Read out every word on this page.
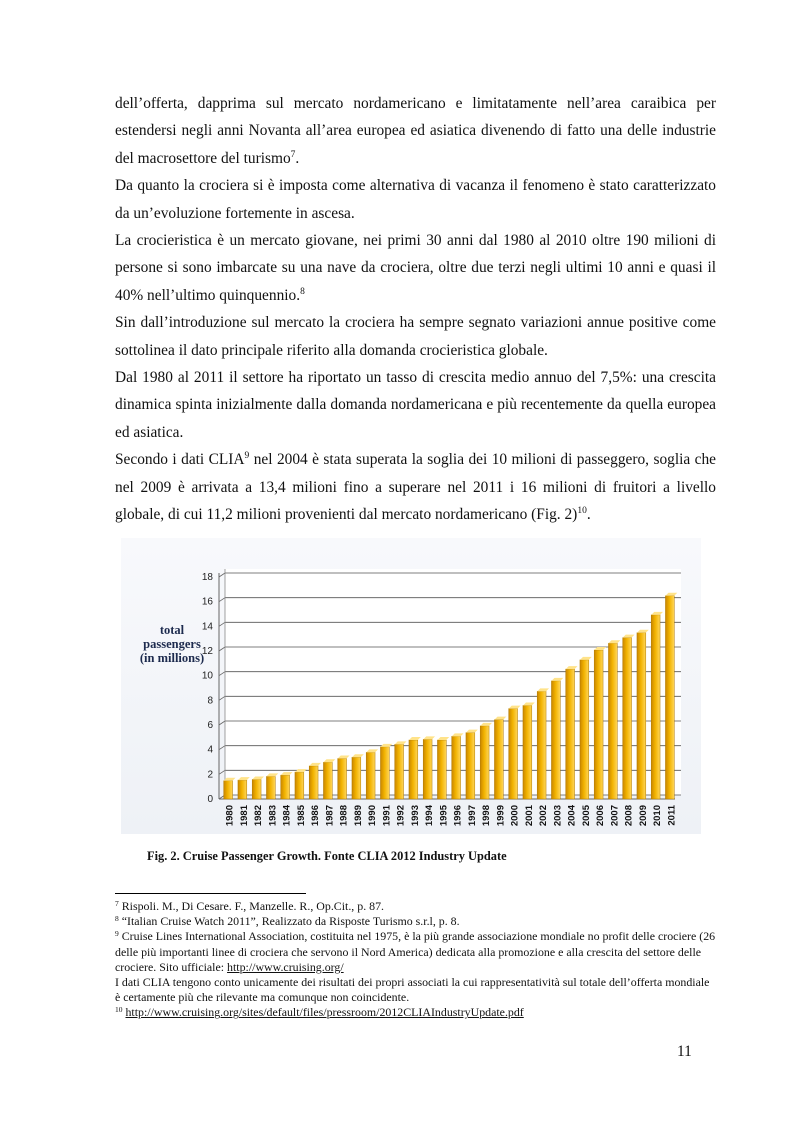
dell’offerta, dapprima sul mercato nordamericano e limitatamente nell’area caraibica per estendersi negli anni Novanta all’area europea ed asiatica divenendo di fatto una delle industrie del macrosettore del turismo$^7$.

Da quanto la crociera si è imposta come alternativa di vacanza il fenomeno è stato caratterizzato da un’evoluzione fortemente in ascesa.

La crocieristica è un mercato giovane, nei primi 30 anni dal 1980 al 2010 oltre 190 milioni di persone si sono imbarcate su una nave da crociera, oltre due terzi negli ultimi 10 anni e quasi il 40% nell’ultimo quinquennio.$^8$

Sin dall’introduzione sul mercato la crociera ha sempre segnato variazioni annue positive come sottolinea il dato principale riferito alla domanda crocieristica globale.

Dal 1980 al 2011 il settore ha riportato un tasso di crescita medio annuo del 7,5%: una crescita dinamica spinta inizialmente dalla domanda nordamericana e più recentemente da quella europea ed asiatica.

Secondo i dati CLIA$^9$ nel 2004 è stata superata la soglia dei 10 milioni di passeggero, soglia che nel 2009 è arrivata a 13,4 milioni fino a superare nel 2011 i 16 milioni di fruitori a livello globale, di cui 11,2 milioni provenienti dal mercato nordamericano (Fig. 2)$^{10}$.

total
passengers
(in millions)
0
2
4
6
8
10
12
14
16
18
1980 1981 1982 1983 1984 1985 1986 1987 1988 1989 1990 1991 1992 1993 1994 1995 1996 1997 1998 1999 2000 2001 2002 2003 2004 2005 2006 2007 2008 2009 2010 2011
Fig. 2. Cruise Passenger Growth. Fonte CLIA 2012 Industry Update

$^7$ Rispoli. M., Di Cesare. F., Manzelle. R., Op.Cit., p. 87.

$^8$ “Italian Cruise Watch 2011”, Realizzato da Risposte Turismo s.r.l, p. 8.

$^9$ Cruise Lines International Association, costituita nel 1975, è la più grande associazione mondiale no profit delle crociere (26 delle più importanti linee di crociera che servono il Nord America) dedicata alla promozione e alla crescita del settore delle crociere. Sito ufficiale: http://www.cruising.org/

I dati CLIA tengono conto unicamente dei risultati dei propri associati la cui rappresentatività sul totale dell’offerta mondiale è certamente più che rilevante ma comunque non coincidente.

$^{10}$ http://www.cruising.org/sites/default/files/pressroom/2012CLIAIndustryUpdate.pdf

11
